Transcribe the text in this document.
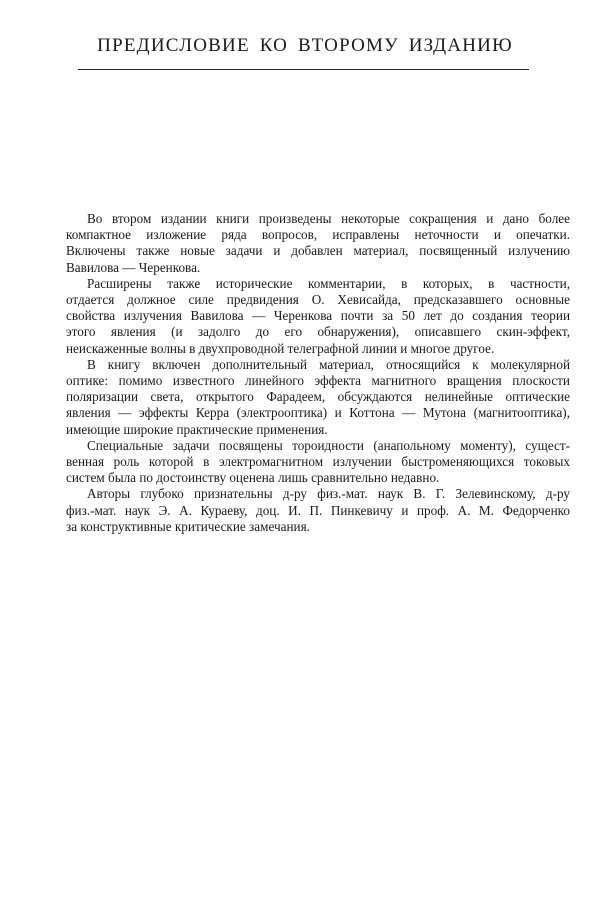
ПРЕДИСЛОВИЕ КО ВТОРОМУ ИЗДАНИЮ

Во втором издании книги произведены некоторые сокращения и дано более
компактное изложение ряда вопросов, исправлены неточности и опечатки.
Включены также новые задачи и добавлен материал, посвященный излучению
Вавилова — Черенкова.

Расширены также исторические комментарии, в которых, в частности,
отдается должное силе предвидения О. Хевисайда, предсказавшего основные
свойства излучения Вавилова — Черенкова почти за 50 лет до создания теории
этого явления (и задолго до его обнаружения), описавшего скин-эффект,
неискаженные волны в двухпроводной телеграфной линии и многое другое.

В книгу включен дополнительный материал, относящийся к молекулярной
оптике: помимо известного линейного эффекта магнитного вращения плоскости
поляризации света, открытого Фарадеем, обсуждаются нелинейные оптические
явления — эффекты Керра (электрооптика) и Коттона — Мутона (магнитооптика),
имеющие широкие практические применения.

Специальные задачи посвящены тороидности (анапольному моменту), сущест-
венная роль которой в электромагнитном излучении быстроменяющихся токовых
систем была по достоинству оценена лишь сравнительно недавно.

Авторы глубоко признательны д-ру физ.-мат. наук В. Г. Зелевинскому, д-ру
физ.-мат. наук Э. А. Кураеву, доц. И. П. Пинкевичу и проф. А. М. Федорченко
за конструктивные критические замечания.
